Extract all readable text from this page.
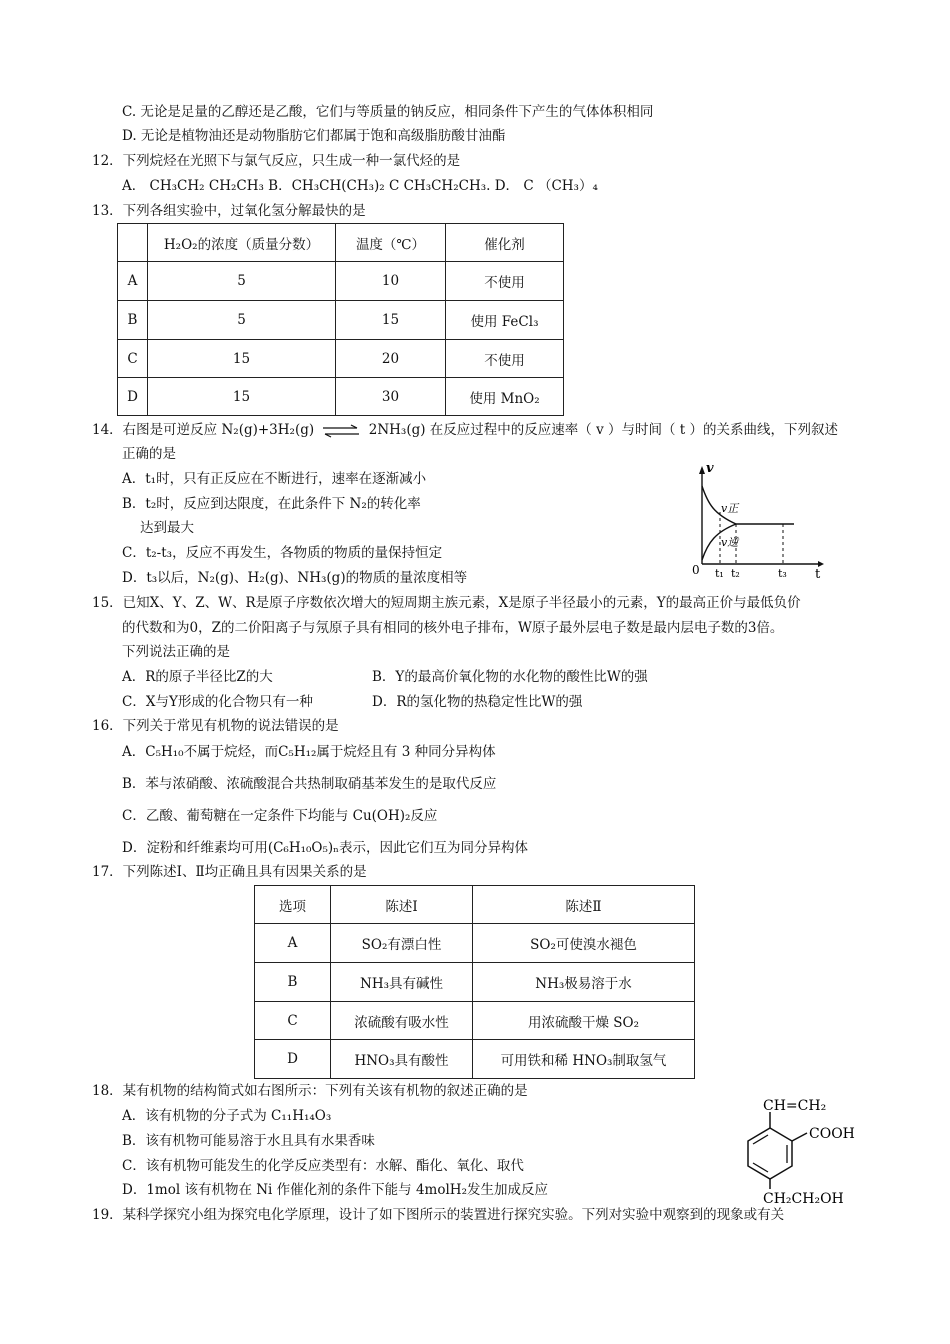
C. 无论是足量的乙醇还是乙酸，它们与等质量的钠反应，相同条件下产生的气体体积相同
D. 无论是植物油还是动物脂肪它们都属于饱和高级脂肪酸甘油酯
12．下列烷烃在光照下与氯气反应，只生成一种一氯代烃的是
A． CH₃CH₂ CH₂CH₃ B．CH₃CH(CH₃)₂ C CH₃CH₂CH₃. D． C （CH₃）₄
13．下列各组实验中，过氧化氢分解最快的是
	H₂O₂的浓度（质量分数）	温度（℃）	催化剂
A	5	10	不使用
B	5	15	使用 FeCl₃
C	15	20	不使用
D	15	30	使用 MnO₂
14．右图是可逆反应 N₂(g)+3H₂(g) ⇌ 2NH₃(g) 在反应过程中的反应速率（ v ）与时间（ t ）的关系曲线，下列叙述
正确的是
A．t₁时，只有正反应在不断进行，速率在逐渐减小
B．t₂时，反应到达限度，在此条件下 N₂的转化率
达到最大
C．t₂-t₃，反应不再发生，各物质的物质的量保持恒定
D．t₃以后，N₂(g)、H₂(g)、NH₃(g)的物质的量浓度相等
v
t
0
v正
v逆
t₁ t₂	t₃
15．已知X、Y、Z、W、R是原子序数依次增大的短周期主族元素，X是原子半径最小的元素，Y的最高正价与最低负价
的代数和为0，Z的二价阳离子与氖原子具有相同的核外电子排布，W原子最外层电子数是最内层电子数的3倍。
下列说法正确的是
A．R的原子半径比Z的大	B．Y的最高价氧化物的水化物的酸性比W的强
C．X与Y形成的化合物只有一种	D．R的氢化物的热稳定性比W的强
16．下列关于常见有机物的说法错误的是
A．C₅H₁₀不属于烷烃，而C₅H₁₂属于烷烃且有 3 种同分异构体
B．苯与浓硝酸、浓硫酸混合共热制取硝基苯发生的是取代反应
C．乙酸、葡萄糖在一定条件下均能与 Cu(OH)₂反应
D．淀粉和纤维素均可用(C₆H₁₀O₅)ₙ表示，因此它们互为同分异构体
17．下列陈述Ⅰ、Ⅱ均正确且具有因果关系的是
选项	陈述Ⅰ	陈述Ⅱ
A	SO₂有漂白性	SO₂可使溴水褪色
B	NH₃具有碱性	NH₃极易溶于水
C	浓硫酸有吸水性	用浓硫酸干燥 SO₂
D	HNO₃具有酸性	可用铁和稀 HNO₃制取氢气
18．某有机物的结构简式如右图所示：下列有关该有机物的叙述正确的是
A．该有机物的分子式为 C₁₁H₁₄O₃
B．该有机物可能易溶于水且具有水果香味
C．该有机物可能发生的化学反应类型有：水解、酯化、氧化、取代
D．1mol 该有机物在 Ni 作催化剂的条件下能与 4molH₂发生加成反应
CH=CH₂
COOH
CH₂CH₂OH
19．某科学探究小组为探究电化学原理，设计了如下图所示的装置进行探究实验。下列对实验中观察到的现象或有关
